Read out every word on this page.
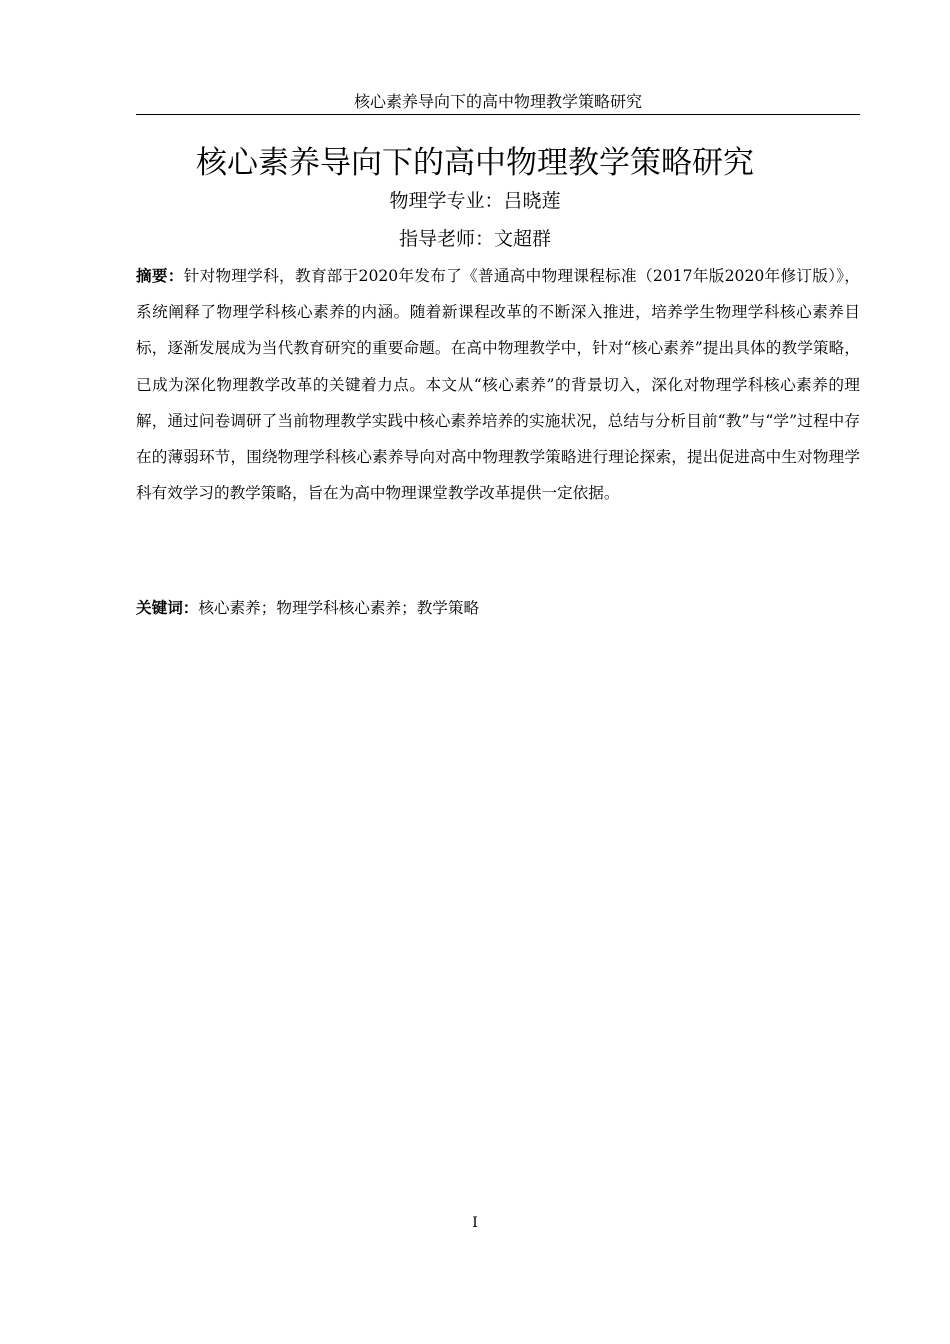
核心素养导向下的高中物理教学策略研究
核心素养导向下的高中物理教学策略研究
物理学专业：吕晓莲
指导老师：文超群

摘要：针对物理学科，教育部于2020年发布了《普通高中物理课程标准（2017年版2020年修订版）》，系统阐释了物理学科核心素养的内涵。随着新课程改革的不断深入推进，培养学生物理学科核心素养目标，逐渐发展成为当代教育研究的重要命题。在高中物理教学中，针对“核心素养”提出具体的教学策略，已成为深化物理教学改革的关键着力点。本文从“核心素养”的背景切入，深化对物理学科核心素养的理解，通过问卷调研了当前物理教学实践中核心素养培养的实施状况，总结与分析目前“教”与“学”过程中存在的薄弱环节，围绕物理学科核心素养导向对高中物理教学策略进行理论探索，提出促进高中生对物理学科有效学习的教学策略，旨在为高中物理课堂教学改革提供一定依据。

关键词：核心素养；物理学科核心素养；教学策略

I
